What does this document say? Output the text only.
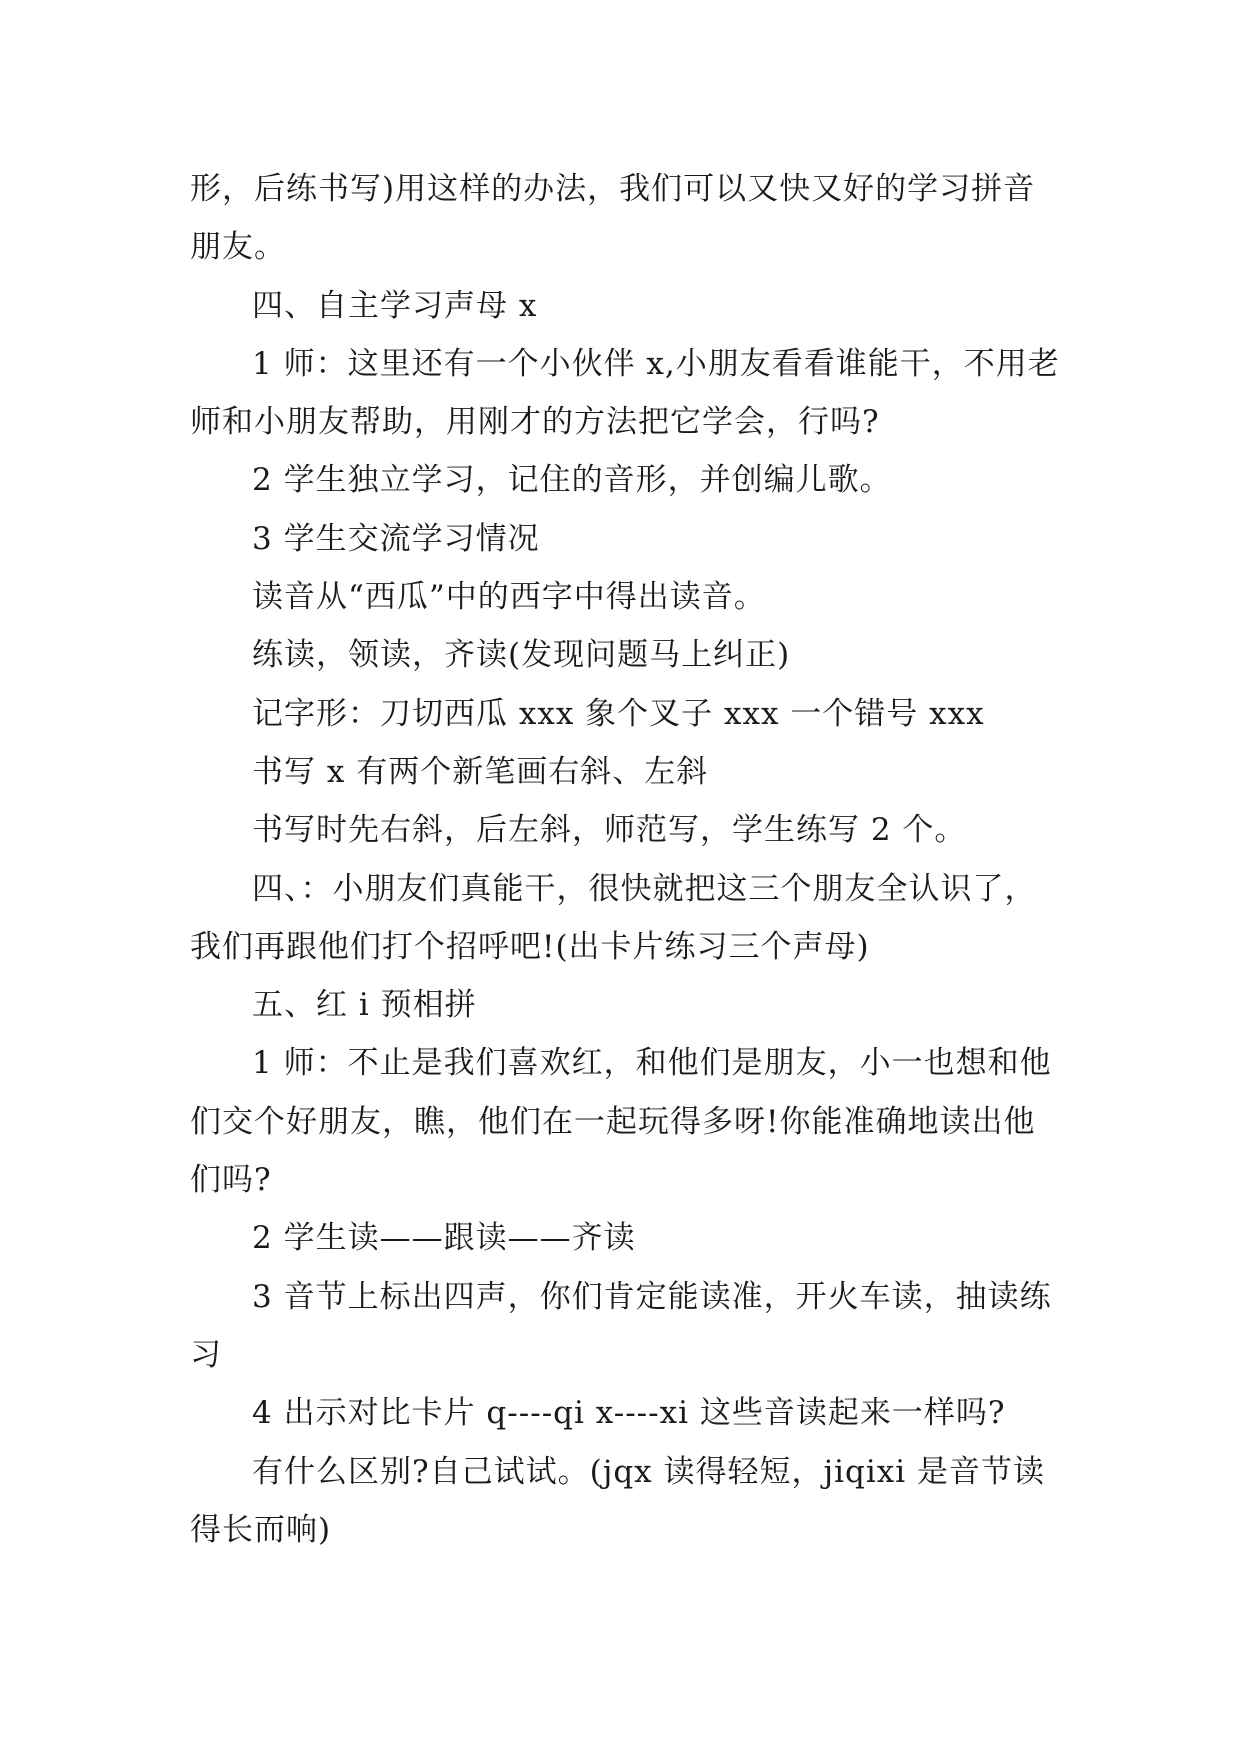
形，后练书写)用这样的办法，我们可以又快又好的学习拼音朋友。

四、自主学习声母 x

1 师：这里还有一个小伙伴 x,小朋友看看谁能干，不用老师和小朋友帮助，用刚才的方法把它学会，行吗?

2 学生独立学习，记住的音形，并创编儿歌。

3 学生交流学习情况

读音从“西瓜”中的西字中得出读音。

练读，领读，齐读(发现问题马上纠正)

记字形：刀切西瓜 xxx 象个叉子 xxx 一个错号 xxx

书写 x 有两个新笔画右斜、左斜

书写时先右斜，后左斜，师范写，学生练写 2 个。

四、：小朋友们真能干，很快就把这三个朋友全认识了，我们再跟他们打个招呼吧!(出卡片练习三个声母)

五、红 i 预相拼

1 师：不止是我们喜欢红，和他们是朋友，小一也想和他们交个好朋友，瞧，他们在一起玩得多呀!你能准确地读出他们吗?

2 学生读——跟读——齐读

3 音节上标出四声，你们肯定能读准，开火车读，抽读练习

4 出示对比卡片 q----qi x----xi 这些音读起来一样吗?

有什么区别?自己试试。(jqx 读得轻短，jiqixi 是音节读得长而响)
